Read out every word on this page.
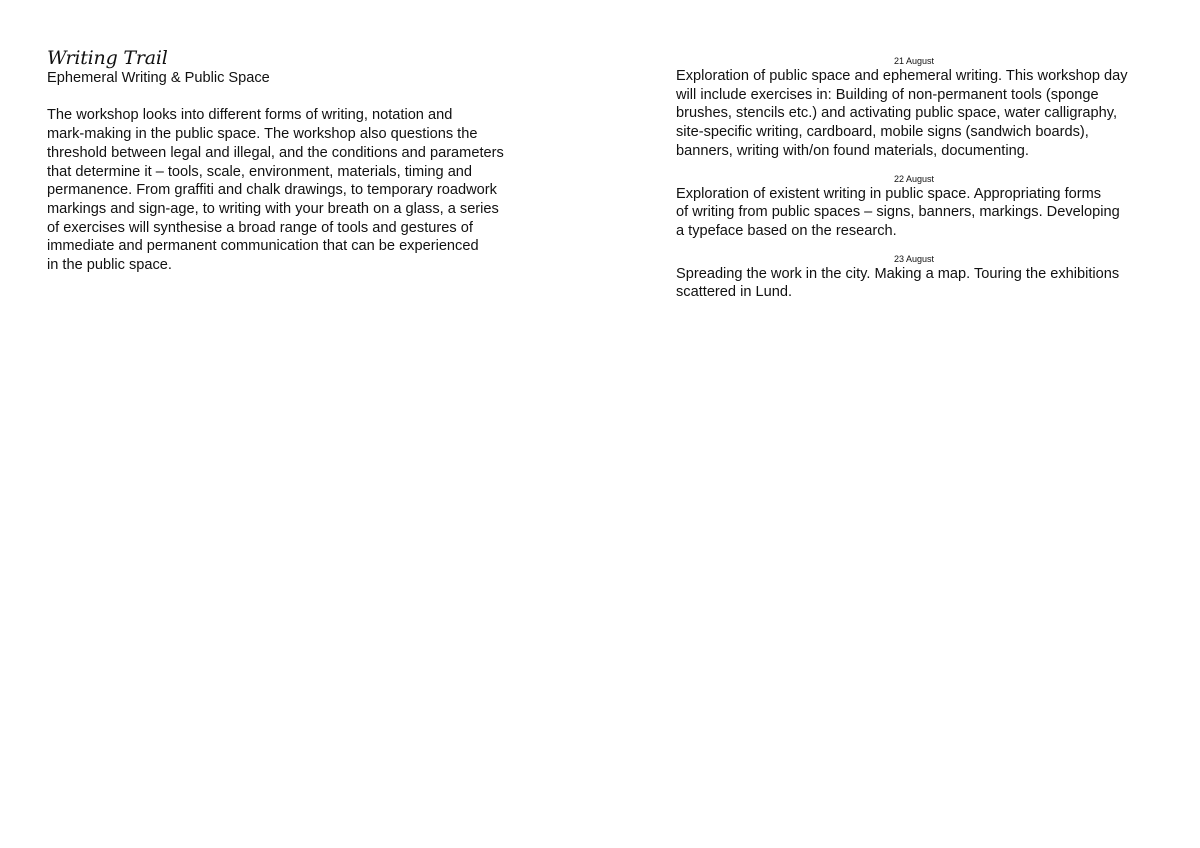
Writing Trail
Ephemeral Writing & Public Space

The workshop looks into different forms of writing, notation and
mark-making in the public space. The workshop also questions the
threshold between legal and illegal, and the conditions and parameters
that determine it – tools, scale, environment, materials, timing and
permanence. From graffiti and chalk drawings, to temporary roadwork
markings and sign-age, to writing with your breath on a glass, a series
of exercises will synthesise a broad range of tools and gestures of
immediate and permanent communication that can be experienced
in the public space.

21 August

Exploration of public space and ephemeral writing. This workshop day
will include exercises in: Building of non-permanent tools (sponge
brushes, stencils etc.) and activating public space, water calligraphy,
site-specific writing, cardboard, mobile signs (sandwich boards),
banners, writing with/on found materials, documenting.

22 August

Exploration of existent writing in public space. Appropriating forms
of writing from public spaces – signs, banners, markings. Developing
a typeface based on the research.

23 August

Spreading the work in the city. Making a map. Touring the exhibitions
scattered in Lund.
